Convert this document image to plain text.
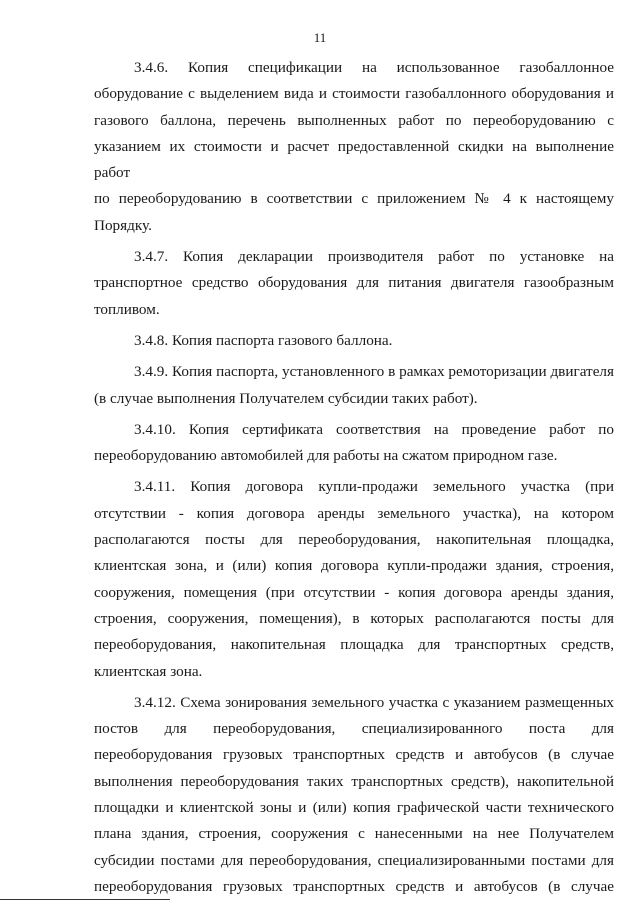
11
3.4.6. Копия спецификации на использованное газобаллонное
оборудование с выделением вида и стоимости газобаллонного оборудования и
газового баллона, перечень выполненных работ по переоборудованию с
указанием их стоимости и расчет предоставленной скидки на выполнение работ
по переоборудованию в соответствии с приложением № 4 к настоящему
Порядку.
3.4.7. Копия декларации производителя работ по установке на
транспортное средство оборудования для питания двигателя газообразным
топливом.
3.4.8. Копия паспорта газового баллона.
3.4.9. Копия паспорта, установленного в рамках ремоторизации двигателя
(в случае выполнения Получателем субсидии таких работ).
3.4.10. Копия сертификата соответствия на проведение работ по
переоборудованию автомобилей для работы на сжатом природном газе.
3.4.11. Копия договора купли-продажи земельного участка (при
отсутствии - копия договора аренды земельного участка), на котором
располагаются посты для переоборудования, накопительная площадка,
клиентская зона, и (или) копия договора купли-продажи здания, строения,
сооружения, помещения (при отсутствии - копия договора аренды здания,
строения, сооружения, помещения), в которых располагаются посты для
переоборудования, накопительная площадка для транспортных средств,
клиентская зона.
3.4.12. Схема зонирования земельного участка с указанием размещенных
постов для переоборудования, специализированного поста для
переоборудования грузовых транспортных средств и автобусов (в случае
выполнения переоборудования таких транспортных средств), накопительной
площадки и клиентской зоны и (или) копия графической части технического
плана здания, строения, сооружения с нанесенными на нее Получателем
субсидии постами для переоборудования, специализированными постами для
переоборудования грузовых транспортных средств и автобусов (в случае
